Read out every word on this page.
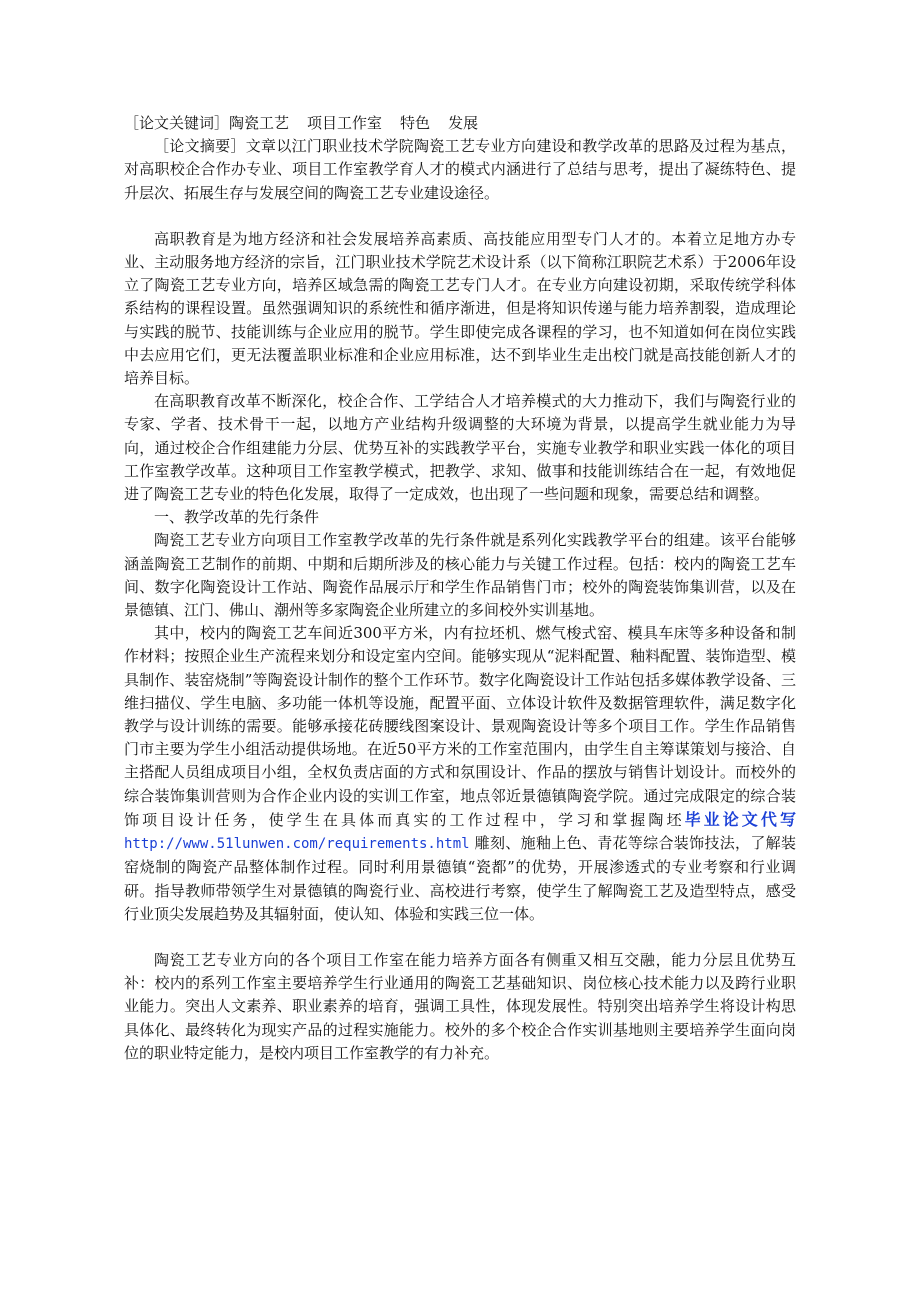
［论文关键词］陶瓷工艺 项目工作室 特色 发展

［论文摘要］文章以江门职业技术学院陶瓷工艺专业方向建设和教学改革的思路及过程为基点，对高职校企合作办专业、项目工作室教学育人才的模式内涵进行了总结与思考，提出了凝练特色、提升层次、拓展生存与发展空间的陶瓷工艺专业建设途径。

高职教育是为地方经济和社会发展培养高素质、高技能应用型专门人才的。本着立足地方办专业、主动服务地方经济的宗旨，江门职业技术学院艺术设计系（以下简称江职院艺术系）于2006年设立了陶瓷工艺专业方向，培养区域急需的陶瓷工艺专门人才。在专业方向建设初期，采取传统学科体系结构的课程设置。虽然强调知识的系统性和循序渐进，但是将知识传递与能力培养割裂，造成理论与实践的脱节、技能训练与企业应用的脱节。学生即使完成各课程的学习，也不知道如何在岗位实践中去应用它们，更无法覆盖职业标准和企业应用标准，达不到毕业生走出校门就是高技能创新人才的培养目标。

在高职教育改革不断深化，校企合作、工学结合人才培养模式的大力推动下，我们与陶瓷行业的专家、学者、技术骨干一起，以地方产业结构升级调整的大环境为背景，以提高学生就业能力为导向，通过校企合作组建能力分层、优势互补的实践教学平台，实施专业教学和职业实践一体化的项目工作室教学改革。这种项目工作室教学模式，把教学、求知、做事和技能训练结合在一起，有效地促进了陶瓷工艺专业的特色化发展，取得了一定成效，也出现了一些问题和现象，需要总结和调整。

一、教学改革的先行条件

陶瓷工艺专业方向项目工作室教学改革的先行条件就是系列化实践教学平台的组建。该平台能够涵盖陶瓷工艺制作的前期、中期和后期所涉及的核心能力与关键工作过程。包括：校内的陶瓷工艺车间、数字化陶瓷设计工作站、陶瓷作品展示厅和学生作品销售门市；校外的陶瓷装饰集训营，以及在景德镇、江门、佛山、潮州等多家陶瓷企业所建立的多间校外实训基地。

其中，校内的陶瓷工艺车间近300平方米，内有拉坯机、燃气梭式窑、模具车床等多种设备和制作材料；按照企业生产流程来划分和设定室内空间。能够实现从“泥料配置、釉料配置、装饰造型、模具制作、装窑烧制”等陶瓷设计制作的整个工作环节。数字化陶瓷设计工作站包括多媒体教学设备、三维扫描仪、学生电脑、多功能一体机等设施，配置平面、立体设计软件及数据管理软件，满足数字化教学与设计训练的需要。能够承接花砖腰线图案设计、景观陶瓷设计等多个项目工作。学生作品销售门市主要为学生小组活动提供场地。在近50平方米的工作室范围内，由学生自主筹谋策划与接洽、自主搭配人员组成项目小组，全权负责店面的方式和氛围设计、作品的摆放与销售计划设计。而校外的综合装饰集训营则为合作企业内设的实训工作室，地点邻近景德镇陶瓷学院。通过完成限定的综合装饰项目设计任务，使学生在具体而真实的工作过程中，学习和掌握陶坯毕业论文代写 http://www.51lunwen.com/requirements.html 雕刻、施釉上色、青花等综合装饰技法，了解装窑烧制的陶瓷产品整体制作过程。同时利用景德镇“瓷都”的优势，开展渗透式的专业考察和行业调研。指导教师带领学生对景德镇的陶瓷行业、高校进行考察，使学生了解陶瓷工艺及造型特点，感受行业顶尖发展趋势及其辐射面，使认知、体验和实践三位一体。

陶瓷工艺专业方向的各个项目工作室在能力培养方面各有侧重又相互交融，能力分层且优势互补：校内的系列工作室主要培养学生行业通用的陶瓷工艺基础知识、岗位核心技术能力以及跨行业职业能力。突出人文素养、职业素养的培育，强调工具性，体现发展性。特别突出培养学生将设计构思具体化、最终转化为现实产品的过程实施能力。校外的多个校企合作实训基地则主要培养学生面向岗位的职业特定能力，是校内项目工作室教学的有力补充。
